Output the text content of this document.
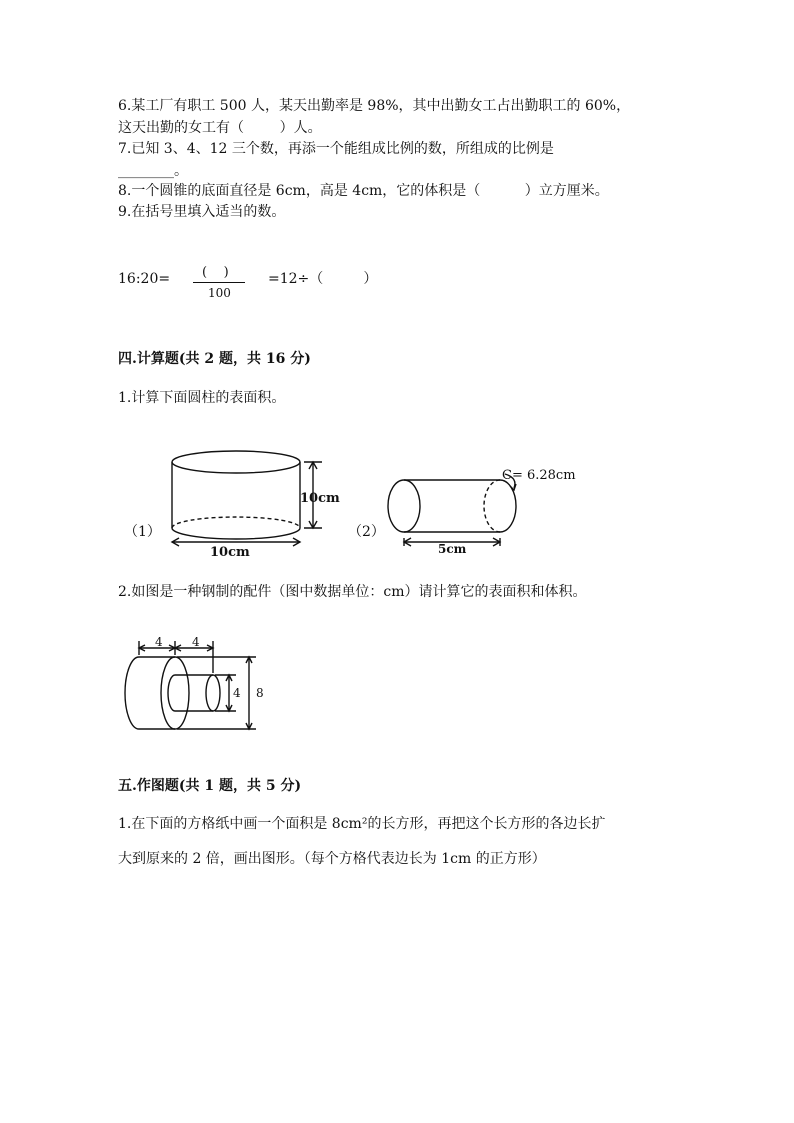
6.某工厂有职工 500 人，某天出勤率是 98%，其中出勤女工占出勤职工的 60%，
这天出勤的女工有（        ）人。
7.已知 3、4、12 三个数，再添一个能组成比例的数，所组成的比例是
________。
8.一个圆锥的底面直径是 6cm，高是 4cm，它的体积是（          ）立方厘米。
9.在括号里填入适当的数。
16:20= (    )
100
=12÷（         ）
四.计算题(共 2 题，共 16 分)
1.计算下面圆柱的表面积。
10cm
10cm
（1）
C= 6.28cm
5cm
（2）
2.如图是一种钢制的配件（图中数据单位：cm）请计算它的表面积和体积。
4 4
4 8
五.作图题(共 1 题，共 5 分)
1.在下面的方格纸中画一个面积是 8cm²的长方形，再把这个长方形的各边长扩
大到原来的 2 倍，画出图形。（每个方格代表边长为 1cm 的正方形）
